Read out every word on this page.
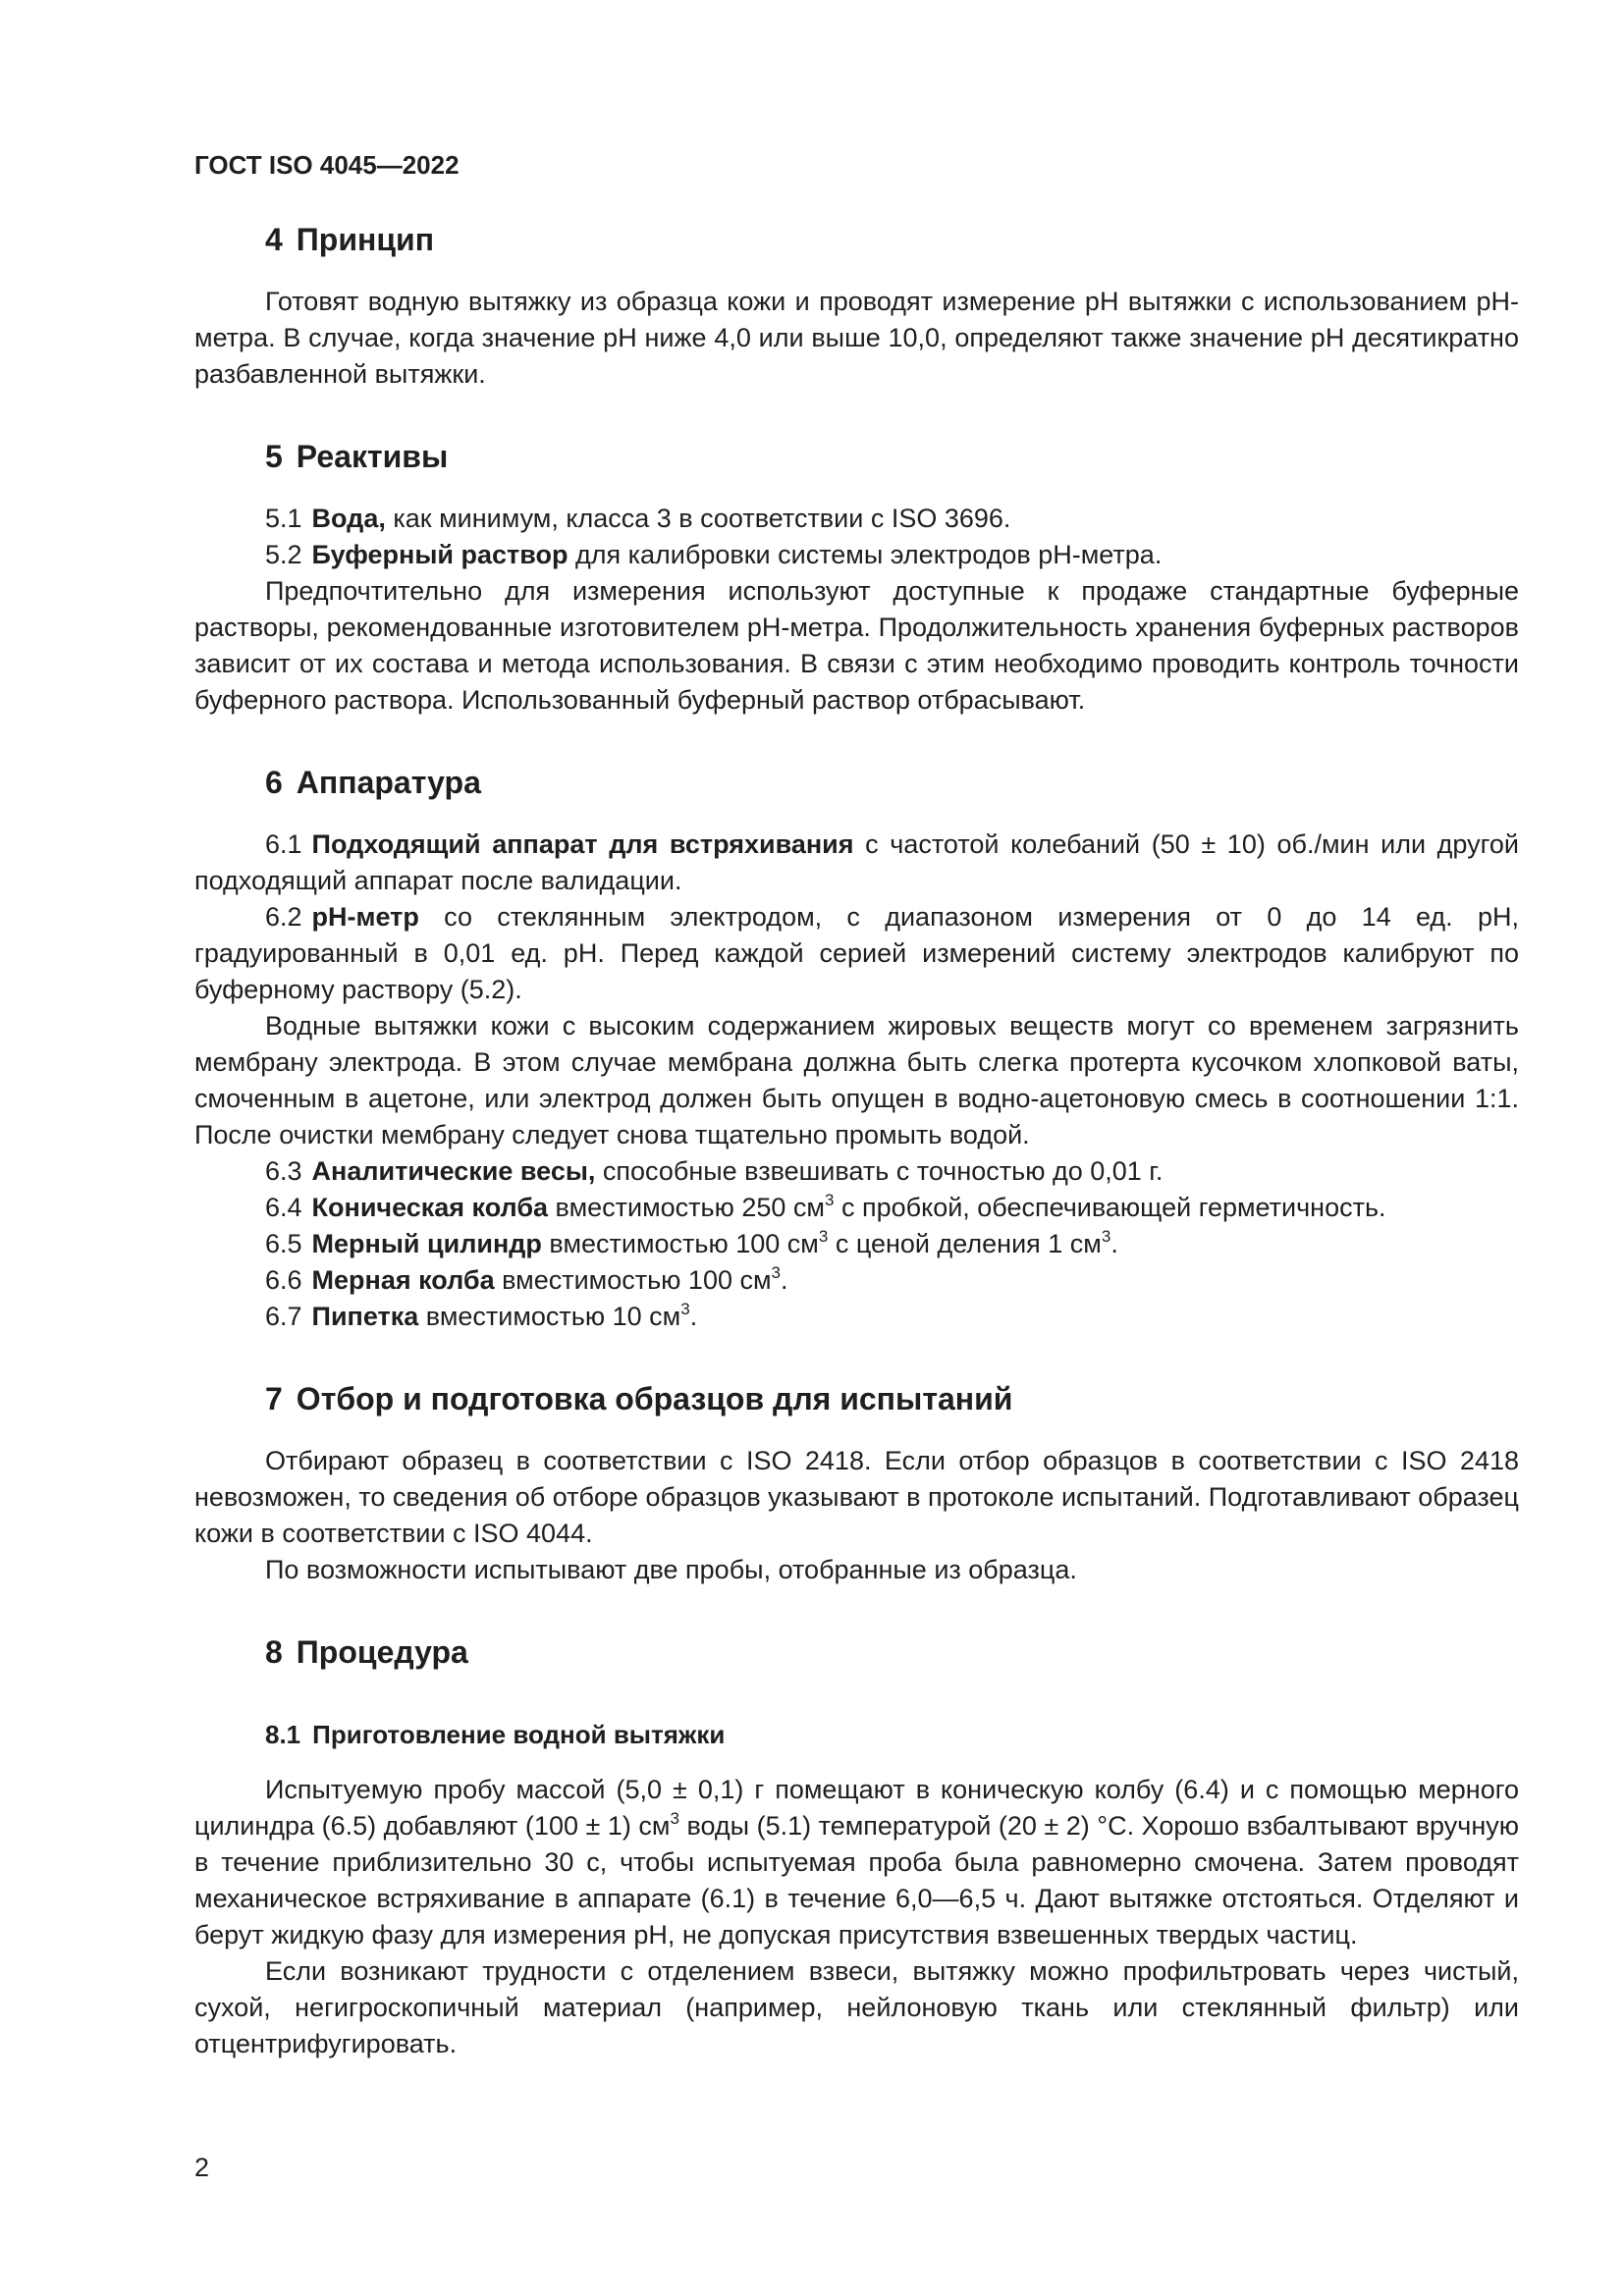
ГОСТ ISO 4045—2022
4 Принцип

Готовят водную вытяжку из образца кожи и проводят измерение рН вытяжки с использованием рН-метра. В случае, когда значение рН ниже 4,0 или выше 10,0, определяют также значение рН десятикратно разбавленной вытяжки.

5 Реактивы

5.1 Вода, как минимум, класса 3 в соответствии с ISO 3696.

5.2 Буферный раствор для калибровки системы электродов рН-метра.

Предпочтительно для измерения используют доступные к продаже стандартные буферные растворы, рекомендованные изготовителем рН-метра. Продолжительность хранения буферных растворов зависит от их состава и метода использования. В связи с этим необходимо проводить контроль точности буферного раствора. Использованный буферный раствор отбрасывают.

6 Аппаратура

6.1 Подходящий аппарат для встряхивания с частотой колебаний (50 ± 10) об./мин или другой подходящий аппарат после валидации.

6.2 рН-метр со стеклянным электродом, с диапазоном измерения от 0 до 14 ед. рН, градуированный в 0,01 ед. рН. Перед каждой серией измерений систему электродов калибруют по буферному раствору (5.2).

Водные вытяжки кожи с высоким содержанием жировых веществ могут со временем загрязнить мембрану электрода. В этом случае мембрана должна быть слегка протерта кусочком хлопковой ваты, смоченным в ацетоне, или электрод должен быть опущен в водно-ацетоновую смесь в соотношении 1:1. После очистки мембрану следует снова тщательно промыть водой.

6.3 Аналитические весы, способные взвешивать с точностью до 0,01 г.

6.4 Коническая колба вместимостью 250 $см^3$ с пробкой, обеспечивающей герметичность.

6.5 Мерный цилиндр вместимостью 100 $см^3$ с ценой деления 1 $см^3$.

6.6 Мерная колба вместимостью 100 $см^3$.

6.7 Пипетка вместимостью 10 $см^3$.

7 Отбор и подготовка образцов для испытаний

Отбирают образец в соответствии с ISO 2418. Если отбор образцов в соответствии с ISO 2418 невозможен, то сведения об отборе образцов указывают в протоколе испытаний. Подготавливают образец кожи в соответствии с ISO 4044.

По возможности испытывают две пробы, отобранные из образца.

8 Процедура
8.1 Приготовление водной вытяжки

Испытуемую пробу массой (5,0 ± 0,1) г помещают в коническую колбу (6.4) и с помощью мерного цилиндра (6.5) добавляют (100 ± 1) $см^3$ воды (5.1) температурой (20 ± 2) °С. Хорошо взбалтывают вручную в течение приблизительно 30 с, чтобы испытуемая проба была равномерно смочена. Затем проводят механическое встряхивание в аппарате (6.1) в течение 6,0—6,5 ч. Дают вытяжке отстояться. Отделяют и берут жидкую фазу для измерения рН, не допуская присутствия взвешенных твердых частиц.

Если возникают трудности с отделением взвеси, вытяжку можно профильтровать через чистый, сухой, негигроскопичный материал (например, нейлоновую ткань или стеклянный фильтр) или отцентрифугировать.

2
